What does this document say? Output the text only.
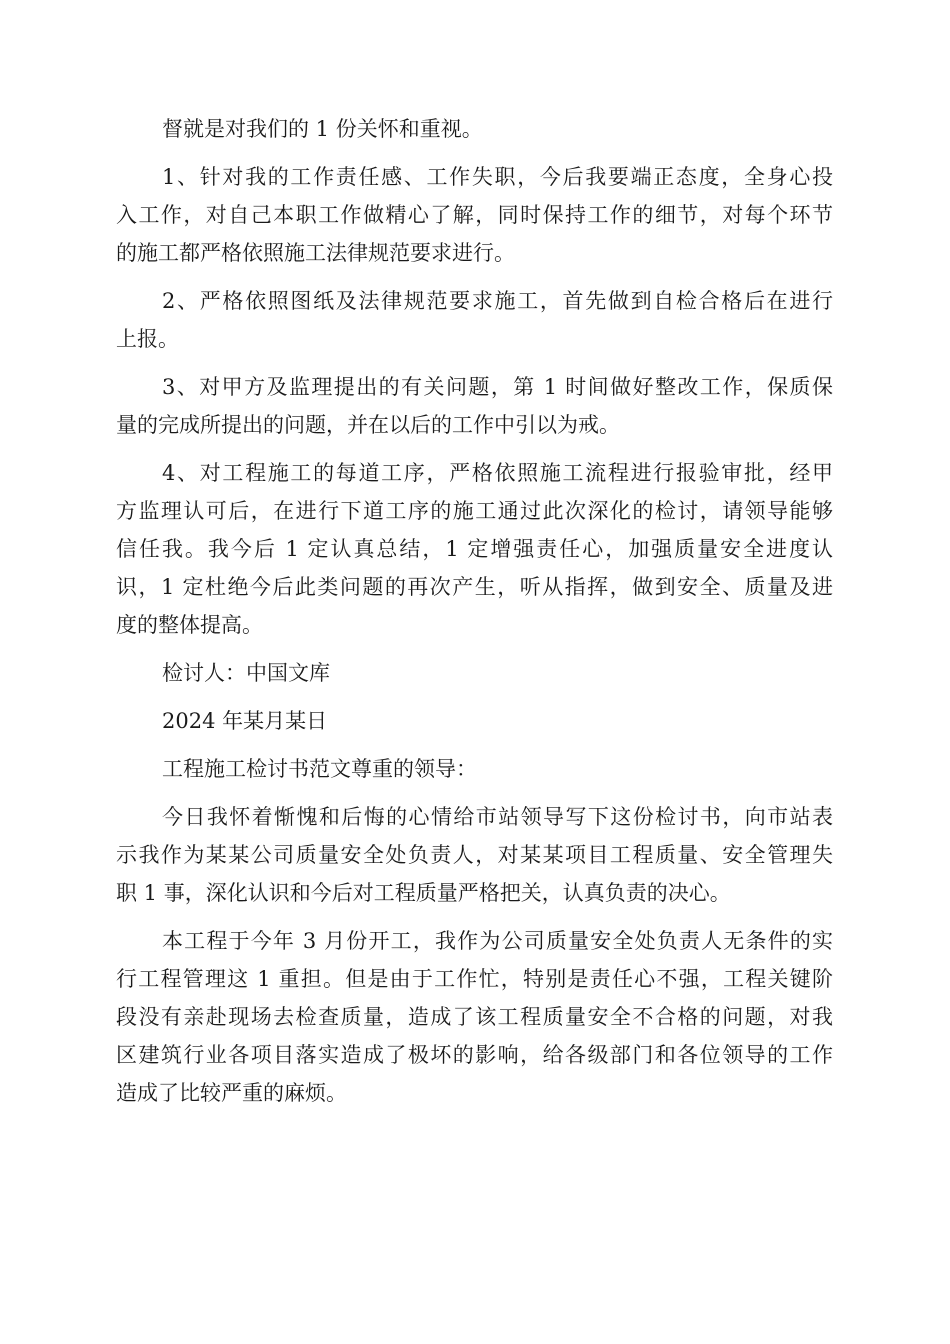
督就是对我们的 1 份关怀和重视。
1、针对我的工作责任感、工作失职，今后我要端正态度，全身心投
入工作，对自己本职工作做精心了解，同时保持工作的细节，对每个环节
的施工都严格依照施工法律规范要求进行。
2、严格依照图纸及法律规范要求施工，首先做到自检合格后在进行
上报。
3、对甲方及监理提出的有关问题，第 1 时间做好整改工作，保质保
量的完成所提出的问题，并在以后的工作中引以为戒。
4、对工程施工的每道工序，严格依照施工流程进行报验审批，经甲
方监理认可后，在进行下道工序的施工通过此次深化的检讨，请领导能够
信任我。我今后 1 定认真总结，1 定增强责任心，加强质量安全进度认
识，1 定杜绝今后此类问题的再次产生，听从指挥，做到安全、质量及进
度的整体提高。
检讨人：中国文库
2024 年某月某日
工程施工检讨书范文尊重的领导：
今日我怀着惭愧和后悔的心情给市站领导写下这份检讨书，向市站表
示我作为某某公司质量安全处负责人，对某某项目工程质量、安全管理失
职 1 事，深化认识和今后对工程质量严格把关，认真负责的决心。
本工程于今年 3 月份开工，我作为公司质量安全处负责人无条件的实
行工程管理这 1 重担。但是由于工作忙，特别是责任心不强，工程关键阶
段没有亲赴现场去检查质量，造成了该工程质量安全不合格的问题，对我
区建筑行业各项目落实造成了极坏的影响，给各级部门和各位领导的工作
造成了比较严重的麻烦。
